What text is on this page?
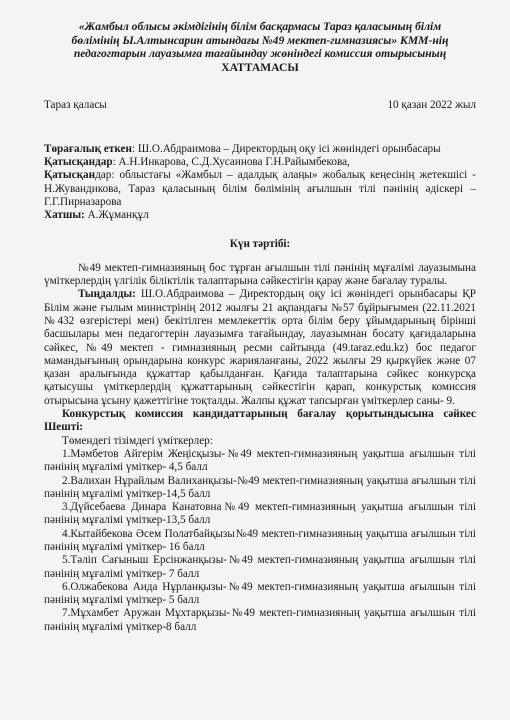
«Жамбыл облысы әкімдігінің білім басқармасы Тараз қаласының білім
бөлімінің Ы.Алтынсарин атындағы №49 мектеп-гимназиясы» КММ-нің
педагогтарын лауазымға тағайындау жөніндегі комиссия отырысының
ХАТТАМАСЫ
Тараз қаласы	10 қазан 2022 жыл
Төрағалық еткен: Ш.О.Абдраимова – Директордың оқу ісі жөніндегі орынбасары
Қатысқандар: А.Н.Инкарова, С.Д.Хусаинова Г.Н.Райымбекова,
Қатысқандар: облыстағы «Жамбыл – адалдық алаңы» жобалық кеңесінің жетекшісі - Н.Жувандикова, Тараз қаласының білім бөлімінің ағылшын тілі пәнінің әдіскері – Г.Г.Пирназарова
Хатшы: А.Жұманқұл
Күн тәртібі:
№49 мектеп-гимназияның бос тұрған ағылшын тілі пәнінің мұғалімі лауазымына үміткерлердің үлгілік біліктілік талаптарына сәйкестігін қарау және бағалау туралы.
Тыңдалды: Ш.О.Абдраимова – Директордың оқу ісі жөніндегі орынбасары ҚР Білім және ғылым министрінің 2012 жылғы 21 ақпандағы №57 бұйрығымен (22.11.2021 №432 өзгерістері мен) бекітілген мемлекеттік орта білім беру ұйымдарының бірінші басшылары мен педагогтерін лауазымға тағайындау, лауазымнан босату қағидаларына сәйкес, №49 мектеп - гимназияның ресми сайтында (49.taraz.edu.kz) бос педагог мамандығының орындарына конкурс жарияланғаны, 2022 жылғы 29 қыркүйек және 07 қазан аралығында құжаттар қабылданған. Қағида талаптарына сәйкес конкурсқа қатысушы үміткерлердің құжаттарының сәйкестігін қарап, конкурстық комиссия отырысына ұсыну қажеттігіне тоқталды. Жалпы құжат тапсырған үміткерлер саны- 9.
Конкурстық комиссия кандидаттарының бағалау қорытындысына сәйкес Шешті:
Төмендегі тізімдегі үміткерлер:
1.Мәмбетов Айгерім Жеңісқызы-№49 мектеп-гимназияның уақытша ағылшын тілі пәнінің мұғалімі үміткер- 4,5 балл
2.Валихан Нұрайлым Валиханқызы-№49 мектеп-гимназияның уақытша ағылшын тілі пәнінің мұғалімі үміткер-14,5 балл
3.Дүйсебаева Динара Канатовна№49 мектеп-гимназияның уақытша ағылшын тілі пәнінің мұғалімі үміткер-13,5 балл
4.Кытайбекова Әсем Полатбайқызы№49 мектеп-гимназияның уақытша ағылшын тілі пәнінің мұғалімі үміткер- 16 балл
5.Тәліп Сағыныш Ерсінжанқызы-№49 мектеп-гимназияның уақытша ағылшын тілі пәнінің мұғалімі үміткер- 7 балл
6.Олжабекова Аида Нұрланқызы-№49 мектеп-гимназияның уақытша ағылшын тілі пәнінің мұғалімі үміткер- 5 балл
7.Мұхамбет Аружан Мұхтарқызы-№49 мектеп-гимназияның уақытша ағылшын тілі пәнінің мұғалімі үміткер-8 балл
